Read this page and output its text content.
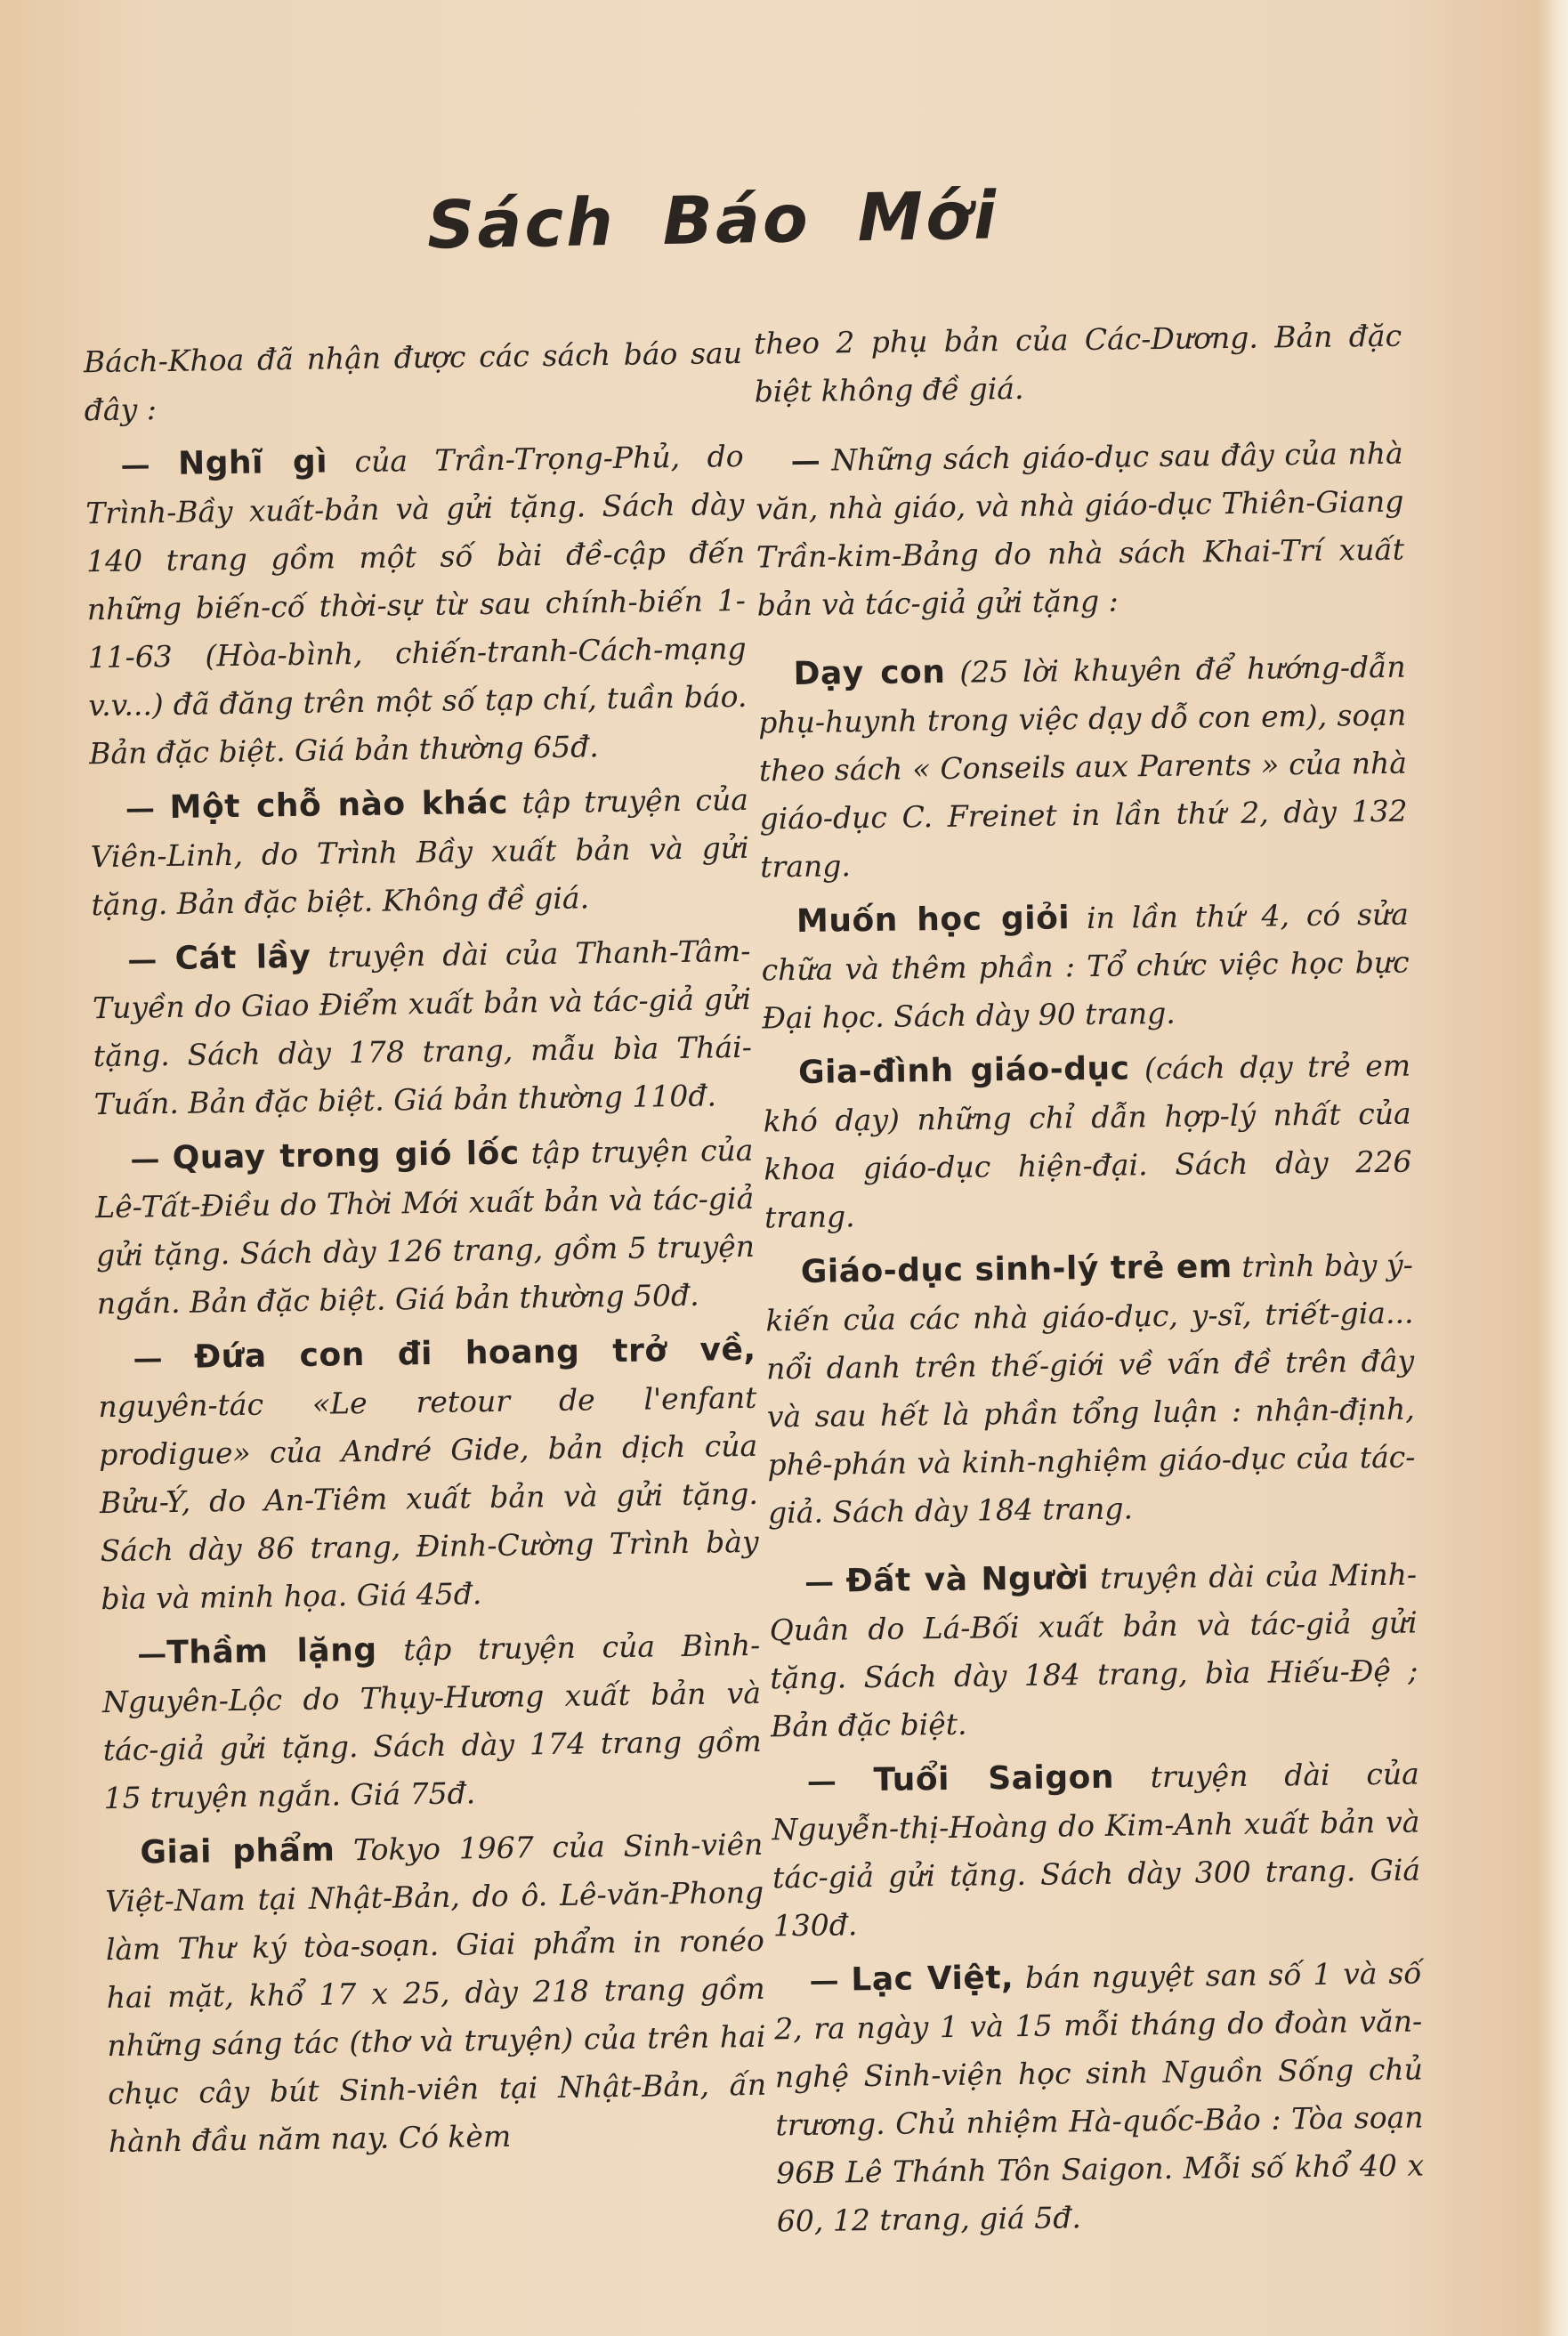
Sách Báo Mới

Bách-Khoa đã nhận được các sách báo sau đây :

— Nghĩ gì của Trần-Trọng-Phủ, do Trình-Bầy xuất-bản và gửi tặng. Sách dày 140 trang gồm một số bài đề-cập đến những biến-cố thời-sự từ sau chính-biến 1-11-63 (Hòa-bình, chiến-tranh-Cách-mạng v.v...) đã đăng trên một số tạp chí, tuần báo. Bản đặc biệt. Giá bản thường 65đ.

— Một chỗ nào khác tập truyện của Viên-Linh, do Trình Bầy xuất bản và gửi tặng. Bản đặc biệt. Không đề giá.

— Cát lầy truyện dài của Thanh-Tâm-Tuyền do Giao Điểm xuất bản và tác-giả gửi tặng. Sách dày 178 trang, mẫu bìa Thái-Tuấn. Bản đặc biệt. Giá bản thường 110đ.

— Quay trong gió lốc tập truyện của Lê-Tất-Điều do Thời Mới xuất bản và tác-giả gửi tặng. Sách dày 126 trang, gồm 5 truyện ngắn. Bản đặc biệt. Giá bản thường 50đ.

— Đứa con đi hoang trở về, nguyên-tác «Le retour de l'enfant prodigue» của André Gide, bản dịch của Bửu-Ý, do An-Tiêm xuất bản và gửi tặng. Sách dày 86 trang, Đinh-Cường Trình bày bìa và minh họa. Giá 45đ.

—Thầm lặng tập truyện của Bình-Nguyên-Lộc do Thụy-Hương xuất bản và tác-giả gửi tặng. Sách dày 174 trang gồm 15 truyện ngắn. Giá 75đ.

Giai phẩm Tokyo 1967 của Sinh-viên Việt-Nam tại Nhật-Bản, do ô. Lê-văn-Phong làm Thư ký tòa-soạn. Giai phẩm in ronéo hai mặt, khổ 17 x 25, dày 218 trang gồm những sáng tác (thơ và truyện) của trên hai chục cây bút Sinh-viên tại Nhật-Bản, ấn hành đầu năm nay. Có kèm

theo 2 phụ bản của Các-Dương. Bản đặc biệt không đề giá.

— Những sách giáo-dục sau đây của nhà văn, nhà giáo, và nhà giáo-dục Thiên-Giang Trần-kim-Bảng do nhà sách Khai-Trí xuất bản và tác-giả gửi tặng :

Dạy con (25 lời khuyên để hướng-dẫn phụ-huynh trong việc dạy dỗ con em), soạn theo sách « Conseils aux Parents » của nhà giáo-dục C. Freinet in lần thứ 2, dày 132 trang.

Muốn học giỏi in lần thứ 4, có sửa chữa và thêm phần : Tổ chức việc học bực Đại học. Sách dày 90 trang.

Gia-đình giáo-dục (cách dạy trẻ em khó dạy) những chỉ dẫn hợp-lý nhất của khoa giáo-dục hiện-đại. Sách dày 226 trang.

Giáo-dục sinh-lý trẻ em trình bày ý-kiến của các nhà giáo-dục, y-sĩ, triết-gia... nổi danh trên thế-giới về vấn đề trên đây và sau hết là phần tổng luận : nhận-định, phê-phán và kinh-nghiệm giáo-dục của tác-giả. Sách dày 184 trang.

— Đất và Người truyện dài của Minh-Quân do Lá-Bối xuất bản và tác-giả gửi tặng. Sách dày 184 trang, bìa Hiếu-Đệ ; Bản đặc biệt.

— Tuổi Saigon truyện dài của Nguyễn-thị-Hoàng do Kim-Anh xuất bản và tác-giả gửi tặng. Sách dày 300 trang. Giá 130đ.

— Lạc Việt, bán nguyệt san số 1 và số 2, ra ngày 1 và 15 mỗi tháng do đoàn văn-nghệ Sinh-viện học sinh Nguồn Sống chủ trương. Chủ nhiệm Hà-quốc-Bảo : Tòa soạn 96B Lê Thánh Tôn Saigon. Mỗi số khổ 40 x 60, 12 trang, giá 5đ.
